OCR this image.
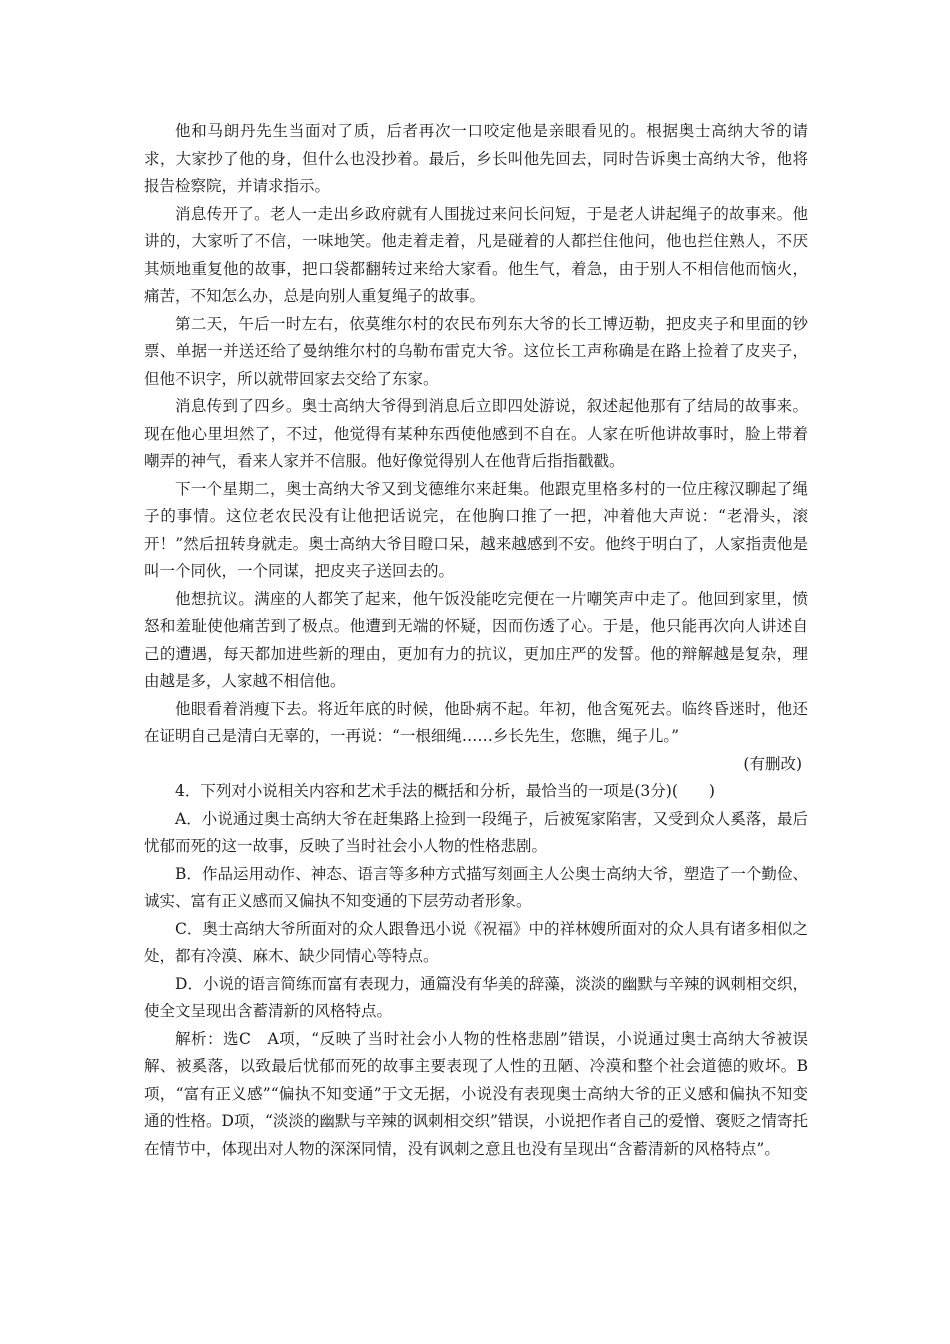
他和马朗丹先生当面对了质，后者再次一口咬定他是亲眼看见的。根据奥士高纳大爷的请求，大家抄了他的身，但什么也没抄着。最后，乡长叫他先回去，同时告诉奥士高纳大爷，他将报告检察院，并请求指示。

消息传开了。老人一走出乡政府就有人围拢过来问长问短，于是老人讲起绳子的故事来。他讲的，大家听了不信，一味地笑。他走着走着，凡是碰着的人都拦住他问，他也拦住熟人，不厌其烦地重复他的故事，把口袋都翻转过来给大家看。他生气，着急，由于别人不相信他而恼火，痛苦，不知怎么办，总是向别人重复绳子的故事。

第二天，午后一时左右，依莫维尔村的农民布列东大爷的长工博迈勒，把皮夹子和里面的钞票、单据一并送还给了曼纳维尔村的乌勒布雷克大爷。这位长工声称确是在路上捡着了皮夹子，但他不识字，所以就带回家去交给了东家。

消息传到了四乡。奥士高纳大爷得到消息后立即四处游说，叙述起他那有了结局的故事来。现在他心里坦然了，不过，他觉得有某种东西使他感到不自在。人家在听他讲故事时，脸上带着嘲弄的神气，看来人家并不信服。他好像觉得别人在他背后指指戳戳。

下一个星期二，奥士高纳大爷又到戈德维尔来赶集。他跟克里格多村的一位庄稼汉聊起了绳子的事情。这位老农民没有让他把话说完，在他胸口推了一把，冲着他大声说：“老滑头，滚开！”然后扭转身就走。奥士高纳大爷目瞪口呆，越来越感到不安。他终于明白了，人家指责他是叫一个同伙，一个同谋，把皮夹子送回去的。

他想抗议。满座的人都笑了起来，他午饭没能吃完便在一片嘲笑声中走了。他回到家里，愤怒和羞耻使他痛苦到了极点。他遭到无端的怀疑，因而伤透了心。于是，他只能再次向人讲述自己的遭遇，每天都加进些新的理由，更加有力的抗议，更加庄严的发誓。他的辩解越是复杂，理由越是多，人家越不相信他。

他眼看着消瘦下去。将近年底的时候，他卧病不起。年初，他含冤死去。临终昏迷时，他还在证明自己是清白无辜的，一再说：“一根细绳……乡长先生，您瞧，绳子儿。”

(有删改)

4．下列对小说相关内容和艺术手法的概括和分析，最恰当的一项是(3分)(　　)

A．小说通过奥士高纳大爷在赶集路上捡到一段绳子，后被冤家陷害，又受到众人奚落，最后忧郁而死的这一故事，反映了当时社会小人物的性格悲剧。

B．作品运用动作、神态、语言等多种方式描写刻画主人公奥士高纳大爷，塑造了一个勤俭、诚实、富有正义感而又偏执不知变通的下层劳动者形象。

C．奥士高纳大爷所面对的众人跟鲁迅小说《祝福》中的祥林嫂所面对的众人具有诸多相似之处，都有冷漠、麻木、缺少同情心等特点。

D．小说的语言简练而富有表现力，通篇没有华美的辞藻，淡淡的幽默与辛辣的讽刺相交织，使全文呈现出含蓄清新的风格特点。

解析：选C　A项，“反映了当时社会小人物的性格悲剧”错误，小说通过奥士高纳大爷被误解、被奚落，以致最后忧郁而死的故事主要表现了人性的丑陋、冷漠和整个社会道德的败坏。B项，“富有正义感”“偏执不知变通”于文无据，小说没有表现奥士高纳大爷的正义感和偏执不知变通的性格。D项，“淡淡的幽默与辛辣的讽刺相交织”错误，小说把作者自己的爱憎、褒贬之情寄托在情节中，体现出对人物的深深同情，没有讽刺之意且也没有呈现出“含蓄清新的风格特点”。
